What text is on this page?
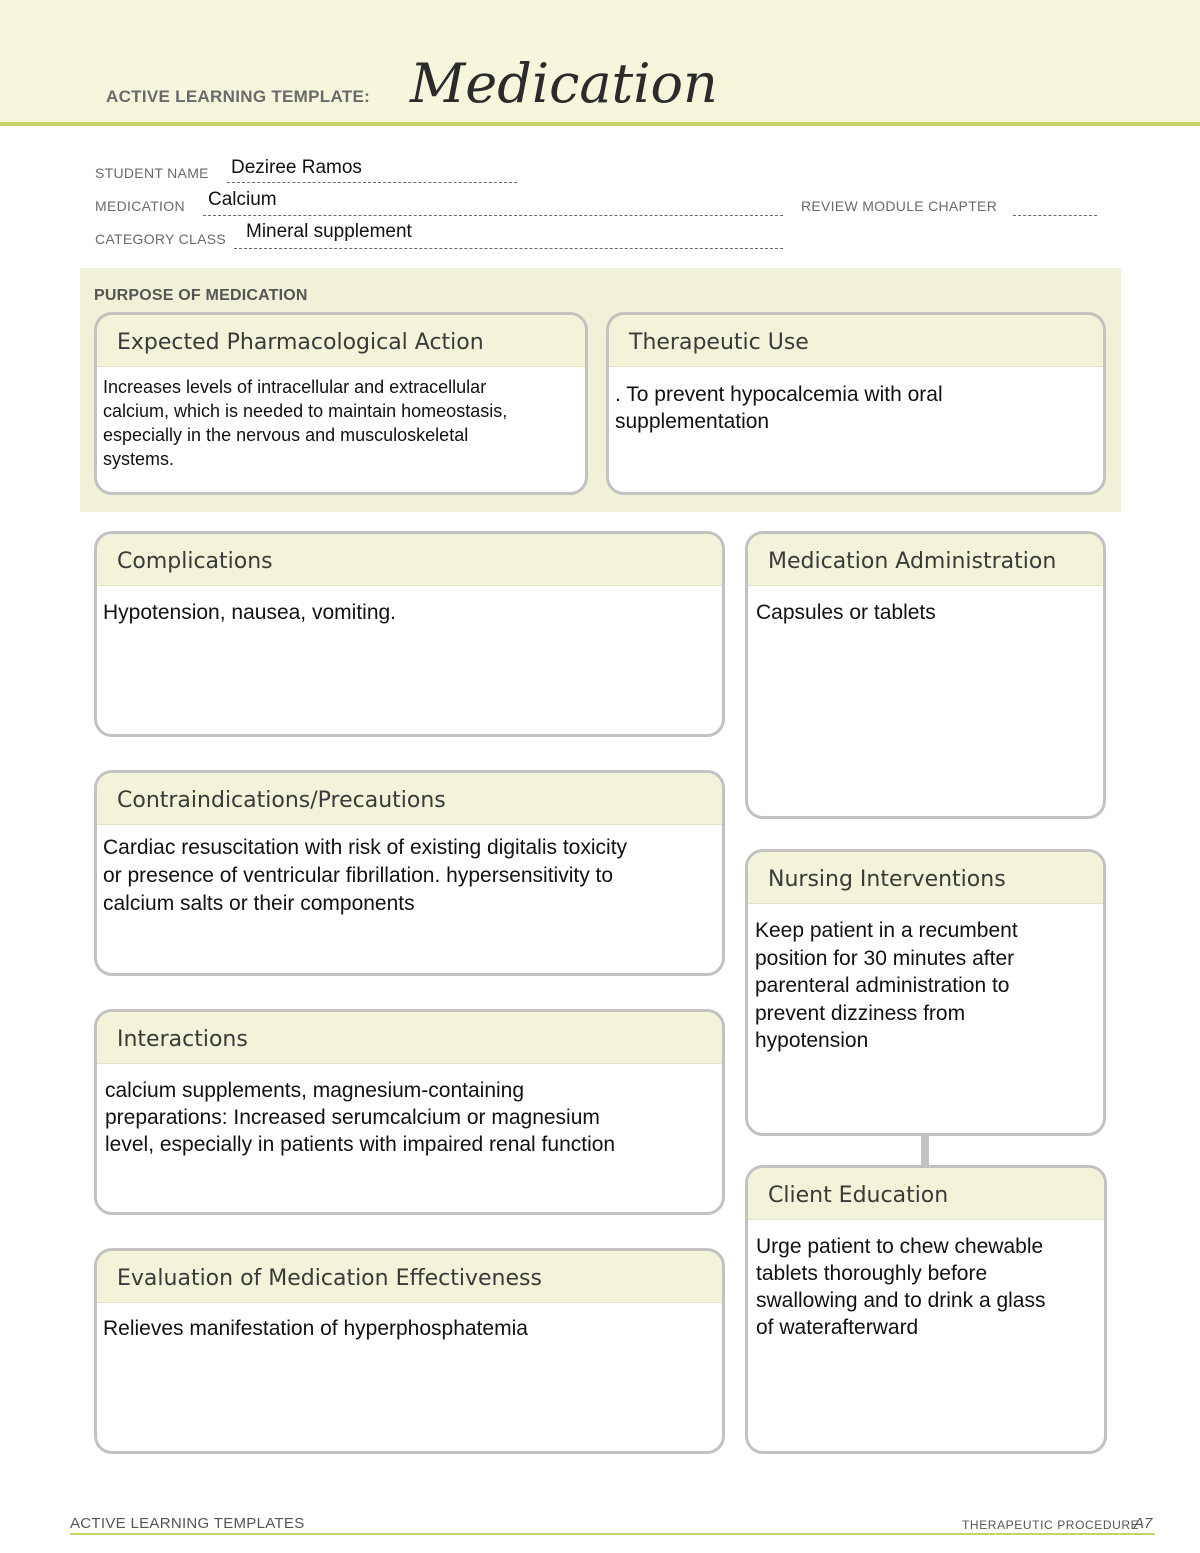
ACTIVE LEARNING TEMPLATE: Medication
STUDENT NAME Deziree Ramos
MEDICATION Calcium	REVIEW MODULE CHAPTER
CATEGORY CLASS Mineral supplement
PURPOSE OF MEDICATION
Expected Pharmacological Action
Increases levels of intracellular and extracellular
calcium, which is needed to maintain homeostasis,
especially in the nervous and musculoskeletal
systems.
Therapeutic Use
. To prevent hypocalcemia with oral
supplementation
Complications
Hypotension, nausea, vomiting.
Contraindications/Precautions
Cardiac resuscitation with risk of existing digitalis toxicity
or presence of ventricular fibrillation. hypersensitivity to
calcium salts or their components
Interactions
calcium supplements, magnesium-containing
preparations: Increased serumcalcium or magnesium
level, especially in patients with impaired renal function
Evaluation of Medication Effectiveness
Relieves manifestation of hyperphosphatemia
Medication Administration
Capsules or tablets
Nursing Interventions
Keep patient in a recumbent
position for 30 minutes after
parenteral administration to
prevent dizziness from
hypotension
Client Education
Urge patient to chew chewable
tablets thoroughly before
swallowing and to drink a glass
of waterafterward
ACTIVE LEARNING TEMPLATES	THERAPEUTIC PROCEDURE
A7
